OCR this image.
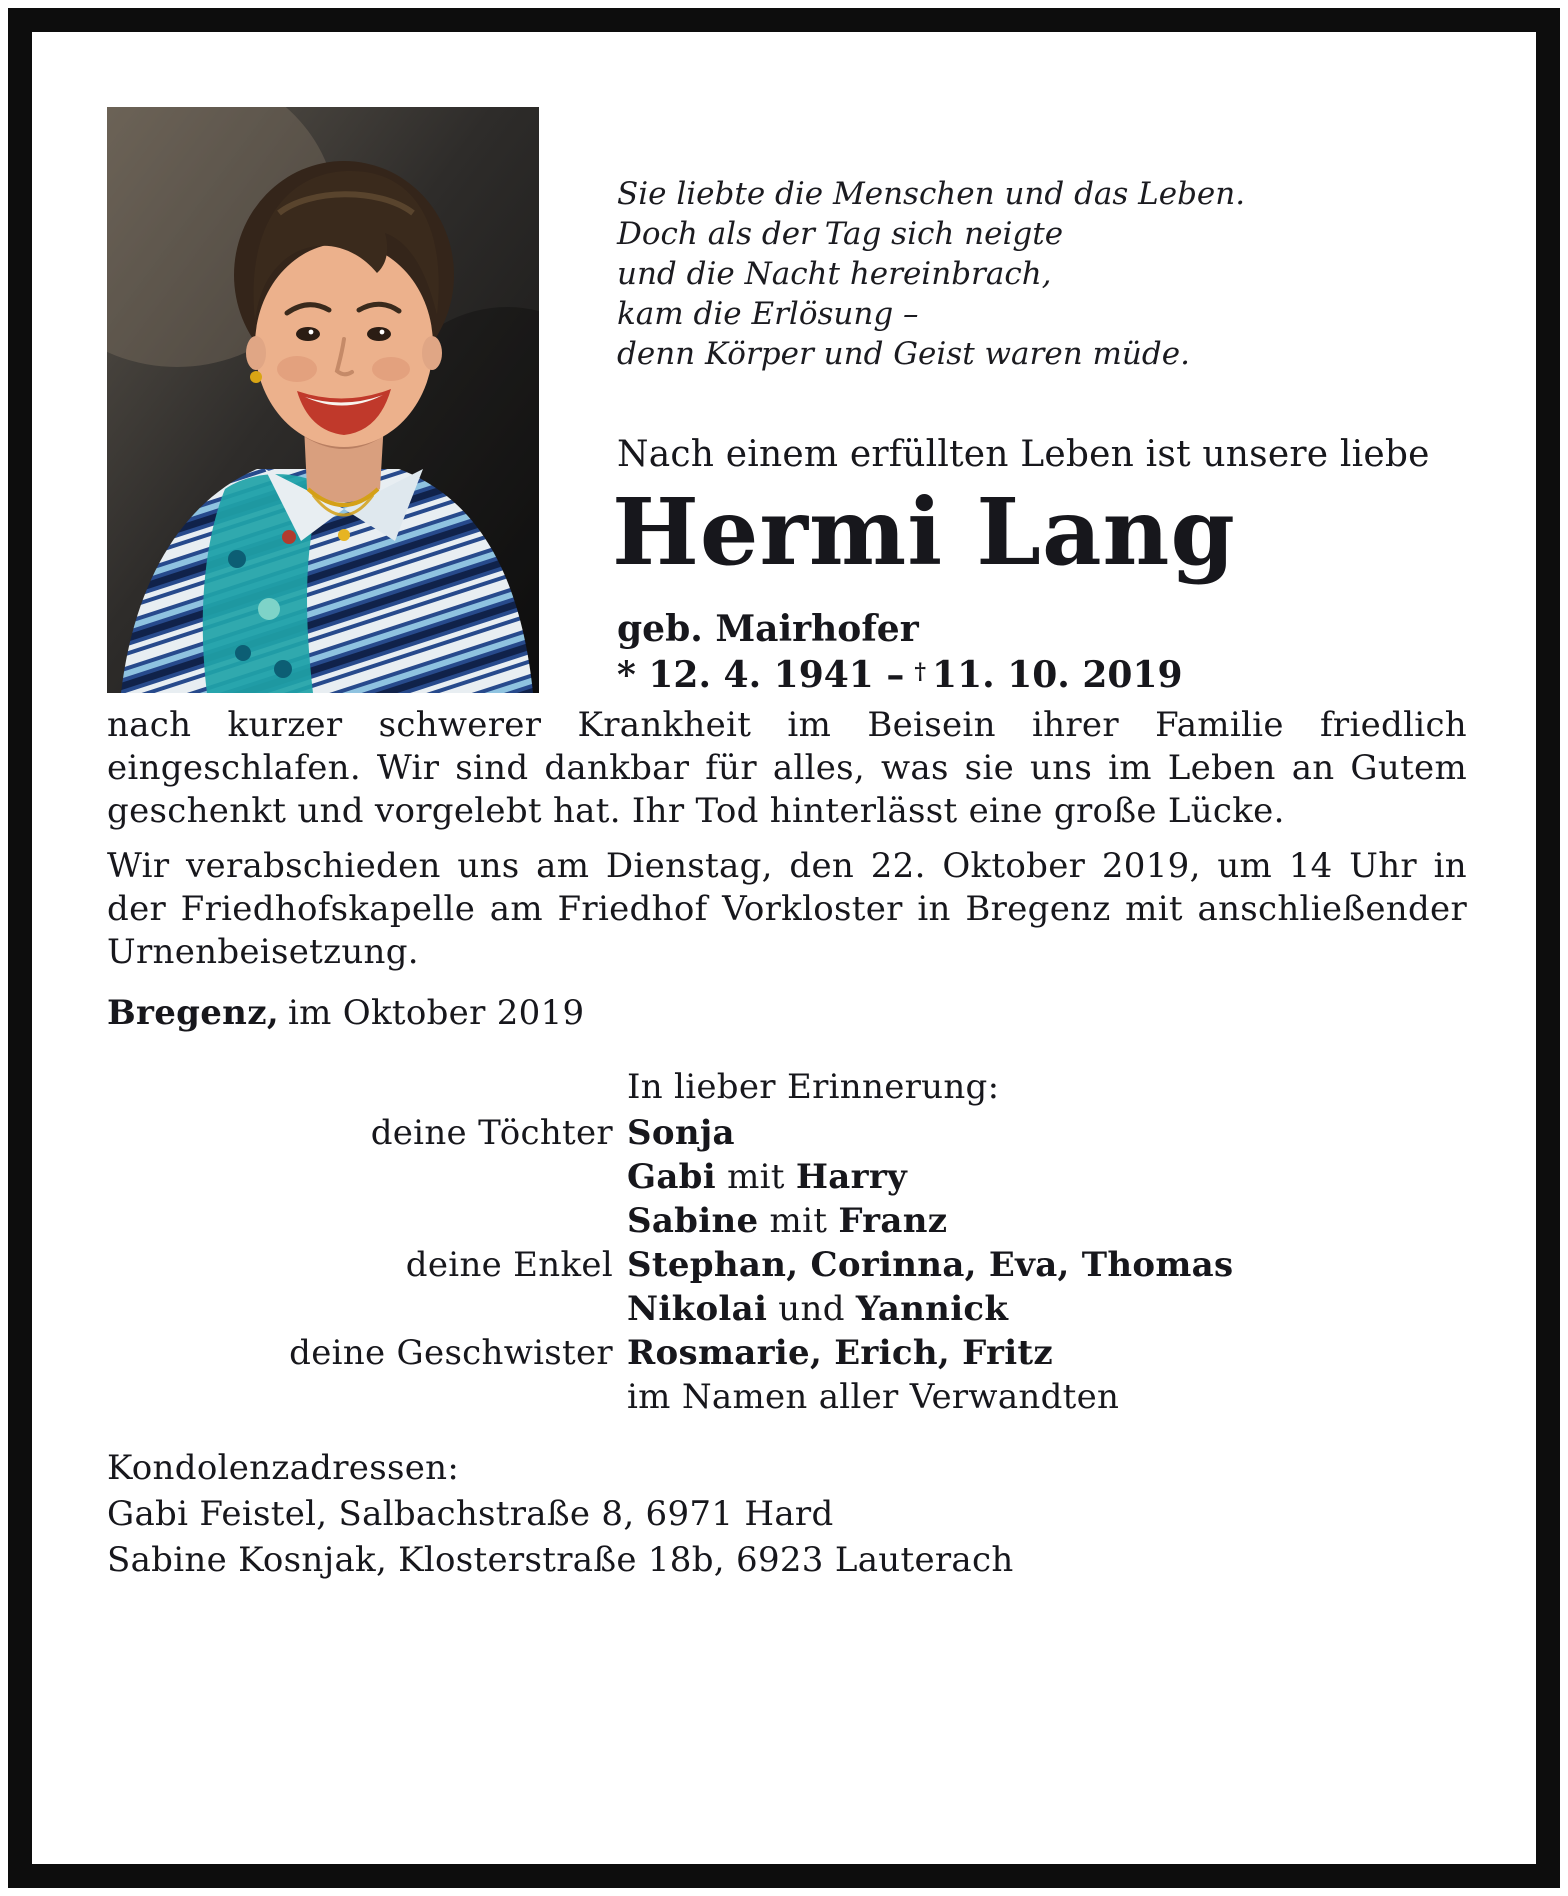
Sie liebte die Menschen und das Leben.
Doch als der Tag sich neigte
und die Nacht hereinbrach,
kam die Erlösung –
denn Körper und Geist waren müde.
Nach einem erfüllten Leben ist unsere liebe
Hermi Lang
geb. Mairhofer
* 12. 4. 1941 – † 11. 10. 2019

nach kurzer schwerer Krankheit im Beisein ihrer Familie friedlich eingeschlafen. Wir sind dankbar für alles, was sie uns im Leben an Gutem geschenkt und vorgelebt hat. Ihr Tod hinterlässt eine große Lücke.

Wir verabschieden uns am Dienstag, den 22. Oktober 2019, um 14 Uhr in der Friedhofskapelle am Friedhof Vorkloster in Bregenz mit anschließender Urnenbeisetzung.

Bregenz, im Oktober 2019
In lieber Erinnerung:
deine Töchter Sonja
Gabi mit Harry
Sabine mit Franz
deine Enkel Stephan, Corinna, Eva, Thomas
Nikolai und Yannick
deine Geschwister Rosmarie, Erich, Fritz
im Namen aller Verwandten
Kondolenzadressen:
Gabi Feistel, Salbachstraße 8, 6971 Hard
Sabine Kosnjak, Klosterstraße 18b, 6923 Lauterach
